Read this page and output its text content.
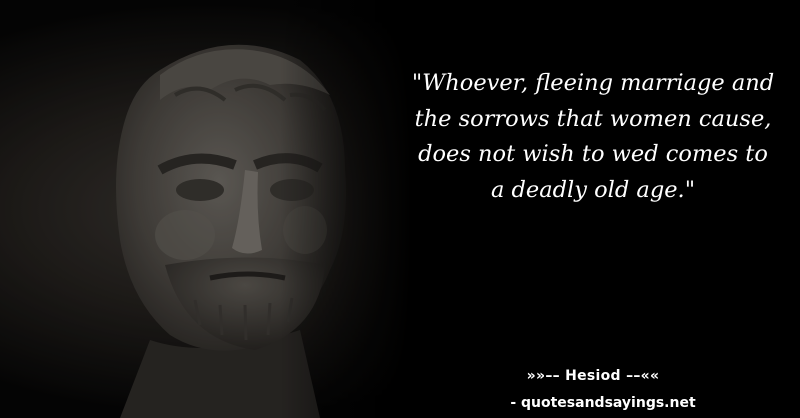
"Whoever, fleeing marriage and the sorrows that women cause, does not wish to wed comes to a deadly old age."
»»–– Hesiod ––««
- quotesandsayings.net
